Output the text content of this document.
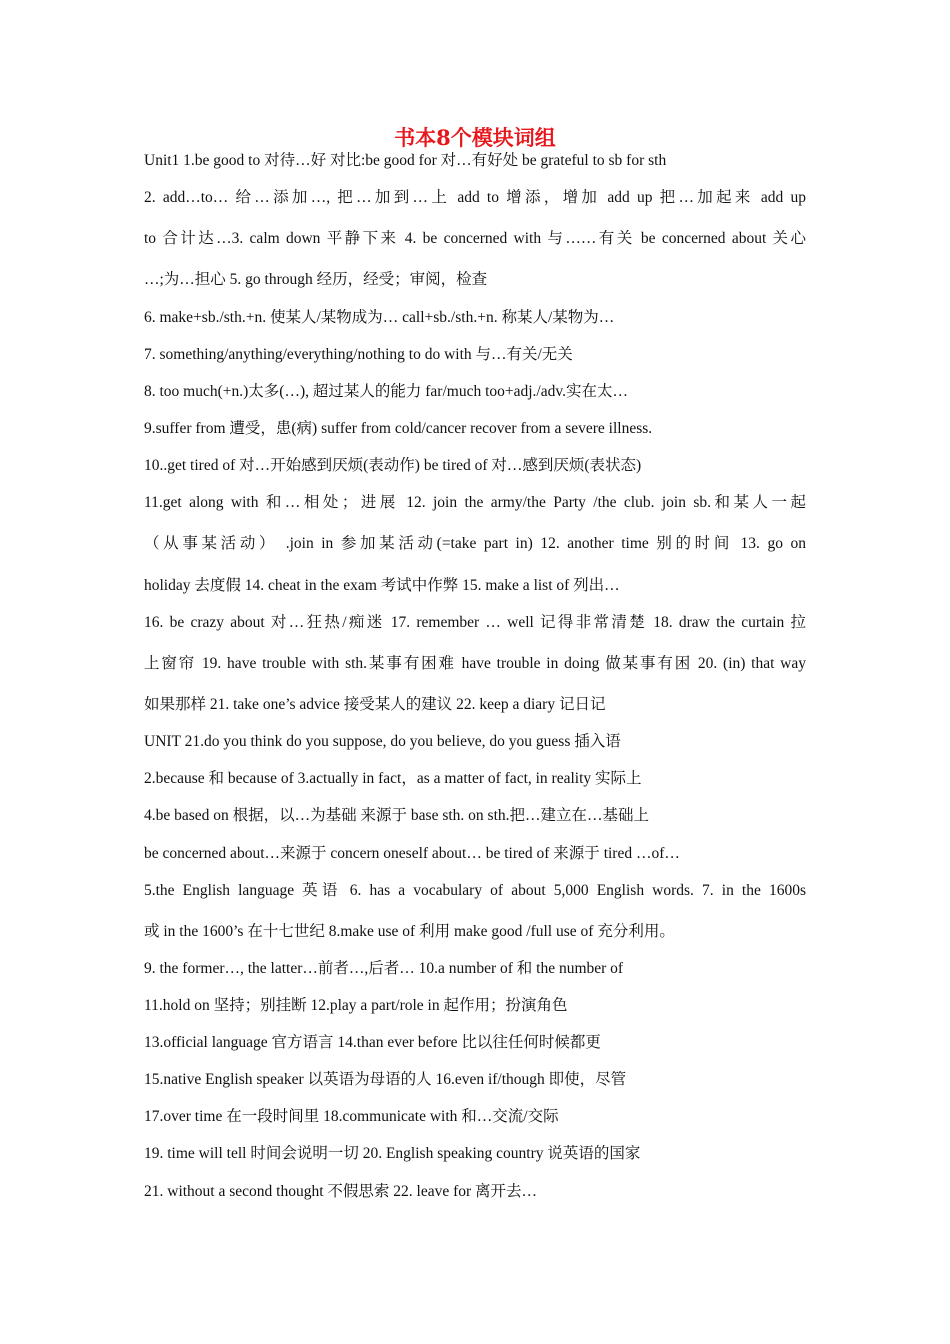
书本8个模块词组
Unit1 1.be good to 对待…好 对比:be good for 对…有好处 be grateful to sb for sth
2. add…to… 给…添加…, 把…加到…上 add to 增添，增加 add up 把…加起来 add up
to 合计达…3. calm down 平静下来 4. be concerned with 与……有关 be concerned about 关心
…;为…担心 5. go through 经历，经受；审阅，检查
6. make+sb./sth.+n. 使某人/某物成为… call+sb./sth.+n. 称某人/某物为…
7. something/anything/everything/nothing to do with 与…有关/无关
8. too much(+n.)太多(…), 超过某人的能力 far/much too+adj./adv.实在太…
9.suffer from 遭受，患(病) suffer from cold/cancer recover from a severe illness.
10..get tired of 对…开始感到厌烦(表动作) be tired of 对…感到厌烦(表状态)
11.get along with 和…相处；进展 12. join the army/the Party /the club. join sb.和某人一起
（从事某活动） .join in 参加某活动(=take part in) 12. another time 别的时间 13. go on
holiday 去度假 14. cheat in the exam 考试中作弊 15. make a list of 列出…
16. be crazy about 对…狂热/痴迷 17. remember … well 记得非常清楚 18. draw the curtain 拉
上窗帘 19. have trouble with sth.某事有困难 have trouble in doing 做某事有困 20. (in) that way
如果那样 21. take one’s advice 接受某人的建议 22. keep a diary 记日记
UNIT 21.do you think do you suppose, do you believe, do you guess 插入语
2.because 和 because of 3.actually in fact，as a matter of fact, in reality 实际上
4.be based on 根据，以…为基础 来源于 base sth. on sth.把…建立在…基础上
be concerned about…来源于 concern oneself about… be tired of 来源于 tired …of…
5.the English language 英语 6. has a vocabulary of about 5,000 English words. 7. in the 1600s
或 in the 1600’s 在十七世纪 8.make use of 利用 make good /full use of 充分利用。
9. the former…, the latter…前者…,后者… 10.a number of 和 the number of
11.hold on 坚持；别挂断 12.play a part/role in 起作用；扮演角色
13.official language 官方语言 14.than ever before 比以往任何时候都更
15.native English speaker 以英语为母语的人 16.even if/though 即使，尽管
17.over time 在一段时间里 18.communicate with 和…交流/交际
19. time will tell 时间会说明一切 20. English speaking country 说英语的国家
21. without a second thought 不假思索 22. leave for 离开去…
